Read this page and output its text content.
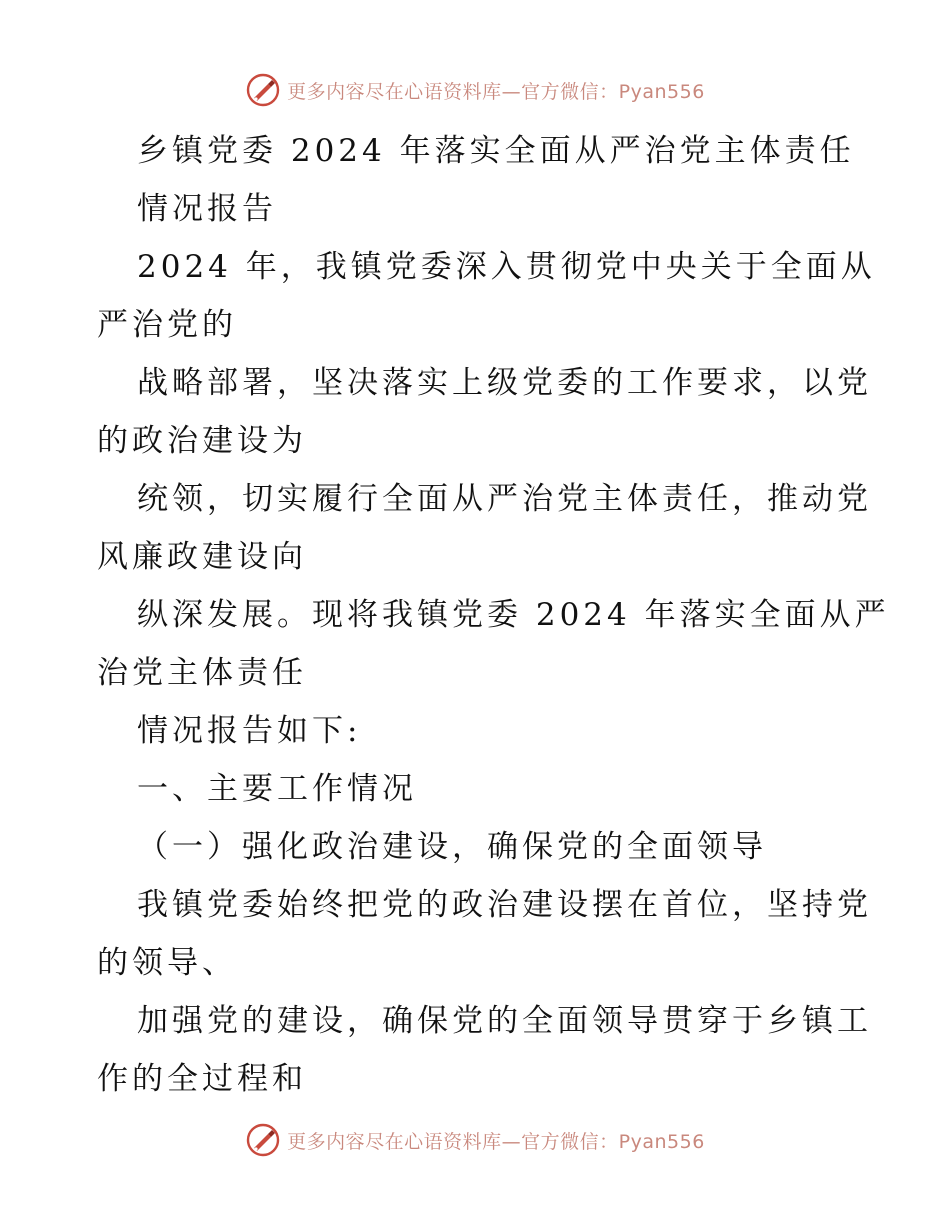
更多内容尽在心语资料库—官方微信：Pyan556
乡镇党委 2024 年落实全面从严治党主体责任
情况报告
2024 年，我镇党委深入贯彻党中央关于全面从
严治党的
战略部署，坚决落实上级党委的工作要求，以党
的政治建设为
统领，切实履行全面从严治党主体责任，推动党
风廉政建设向
纵深发展。现将我镇党委 2024 年落实全面从严
治党主体责任
情况报告如下:
一、主要工作情况
（一）强化政治建设，确保党的全面领导
我镇党委始终把党的政治建设摆在首位，坚持党
的领导、
加强党的建设，确保党的全面领导贯穿于乡镇工
作的全过程和
更多内容尽在心语资料库—官方微信：Pyan556
